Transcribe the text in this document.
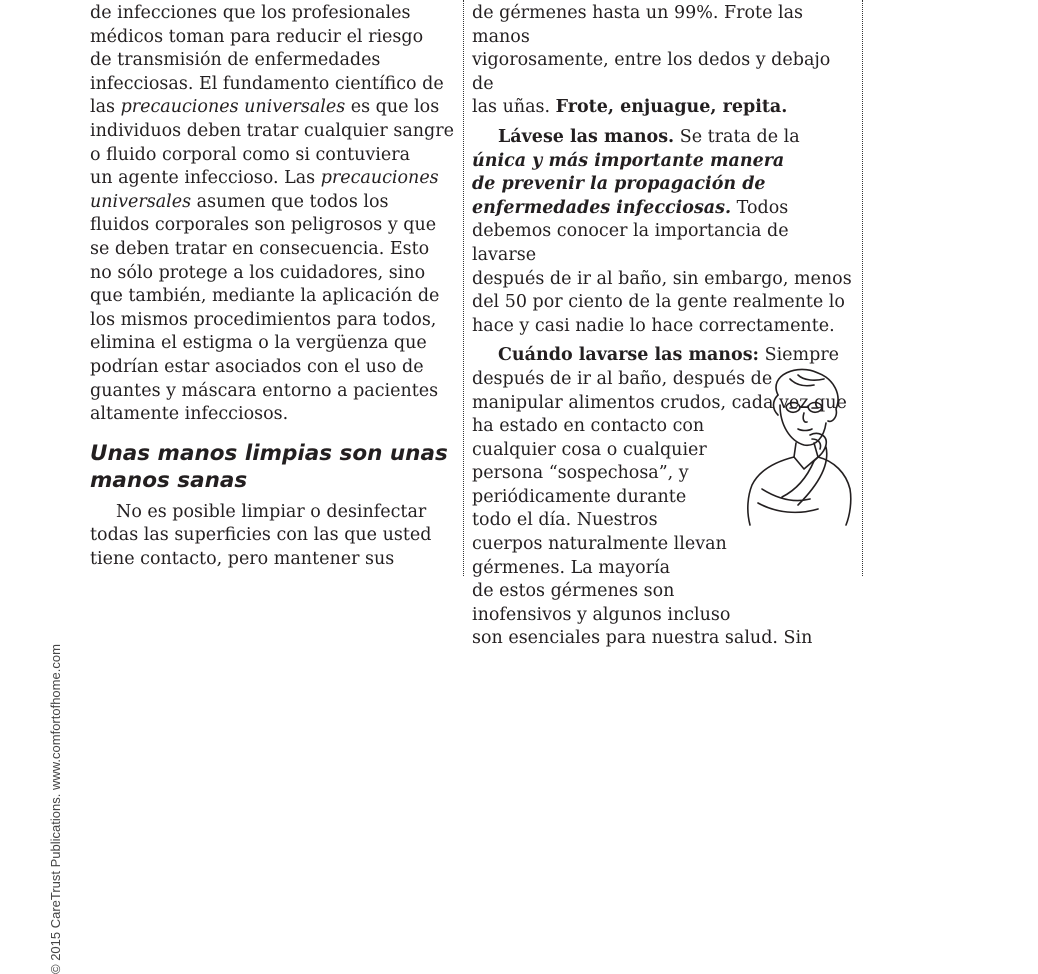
© 2015 CareTrust Publications. www.comfortofhome.com

de infecciones que los profesionales
médicos toman para reducir el riesgo
de transmisión de enfermedades
infecciosas. El fundamento científico de
las precauciones universales es que los
individuos deben tratar cualquier sangre
o fluido corporal como si contuviera
un agente infeccioso. Las precauciones
universales asumen que todos los
fluidos corporales son peligrosos y que
se deben tratar en consecuencia. Esto
no sólo protege a los cuidadores, sino
que también, mediante la aplicación de
los mismos procedimientos para todos,
elimina el estigma o la vergüenza que
podrían estar asociados con el uso de
guantes y máscara entorno a pacientes
altamente infecciosos.

Unas manos limpias son unas
manos sanas

No es posible limpiar o desinfectar
todas las superficies con las que usted
tiene contacto, pero mantener sus

de gérmenes hasta un 99%. Frote las manos
vigorosamente, entre los dedos y debajo de
las uñas. Frote, enjuague, repita.

Lávese las manos. Se trata de la
única y más importante manera
de prevenir la propagación de
enfermedades infecciosas. Todos
debemos conocer la importancia de lavarse
después de ir al baño, sin embargo, menos
del 50 por ciento de la gente realmente lo
hace y casi nadie lo hace correctamente.

Cuándo lavarse las manos: Siempre
después de ir al baño, después de
manipular alimentos crudos, cada vez que
ha estado en contacto con
cualquier cosa o cualquier
persona “sospechosa”, y
periódicamente durante
todo el día. Nuestros
cuerpos naturalmente llevan
gérmenes. La mayoría
de estos gérmenes son
inofensivos y algunos incluso
son esenciales para nuestra salud. Sin
